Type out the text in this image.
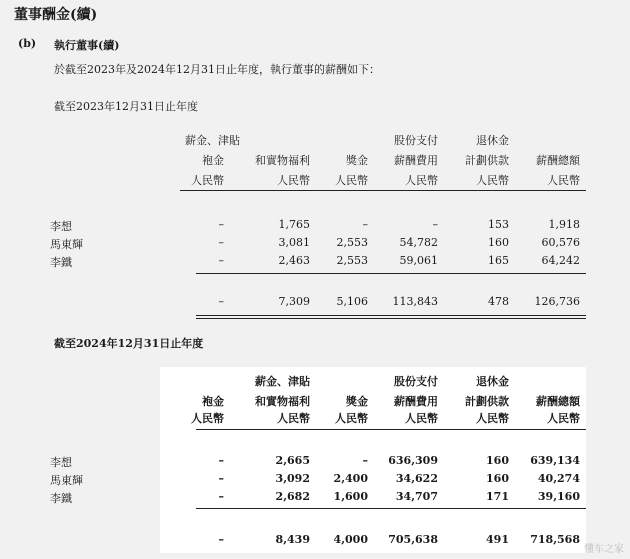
董事酬金(續)
(b) 執行董事(續)
於截至2023年及2024年12月31日止年度，執行董事的薪酬如下：
截至2023年12月31日止年度
薪金、津貼	股份支付	退休金
袍金	和實物福利	獎金 薪酬費用 計劃供款 薪酬總額
人民幣	人民幣 人民幣	人民幣	人民幣	人民幣
李想	–	1,765	–	–	153	1,918
馬東輝	–	3,081 2,553	54,782	160	60,576
李鐵	–	2,463 2,553	59,061	165	64,242
–	7,309 5,106 113,843	478 126,736
截至2024年12月31日止年度
薪金、津貼	股份支付	退休金
袍金	和實物福利	獎金 薪酬費用 計劃供款 薪酬總額
人民幣	人民幣 人民幣	人民幣	人民幣	人民幣
李想	–	2,665	– 636,309	160 639,134
馬東輝	–	3,092 2,400	34,622	160	40,274
李鐵	–	2,682 1,600	34,707	171	39,160
–	8,439 4,000 705,638	491 718,568
懂车之家
